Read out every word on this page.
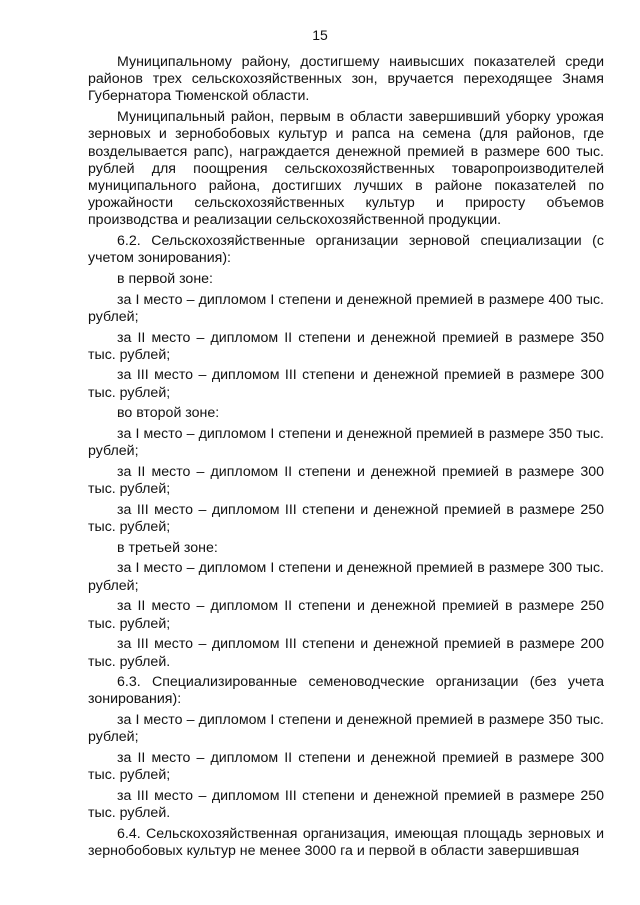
15

Муниципальному району, достигшему наивысших показателей среди районов трех сельскохозяйственных зон, вручается переходящее Знамя Губернатора Тюменской области.

Муниципальный район, первым в области завершивший уборку урожая зерновых и зернобобовых культур и рапса на семена (для районов, где возделывается рапс), награждается денежной премией в размере 600 тыс. рублей для поощрения сельскохозяйственных товаропроизводителей муниципального района, достигших лучших в районе показателей по урожайности сельскохозяйственных культур и приросту объемов производства и реализации сельскохозяйственной продукции.

6.2. Сельскохозяйственные организации зерновой специализации (с учетом зонирования):

в первой зоне:

за I место – дипломом I степени и денежной премией в размере 400 тыс. рублей;

за II место – дипломом II степени и денежной премией в размере 350 тыс. рублей;

за III место – дипломом III степени и денежной премией в размере 300 тыс. рублей;

во второй зоне:

за I место – дипломом I степени и денежной премией в размере 350 тыс. рублей;

за II место – дипломом II степени и денежной премией в размере 300 тыс. рублей;

за III место – дипломом III степени и денежной премией в размере 250 тыс. рублей;

в третьей зоне:

за I место – дипломом I степени и денежной премией в размере 300 тыс. рублей;

за II место – дипломом II степени и денежной премией в размере 250 тыс. рублей;

за III место – дипломом III степени и денежной премией в размере 200 тыс. рублей.

6.3. Специализированные семеноводческие организации (без учета зонирования):

за I место – дипломом I степени и денежной премией в размере 350 тыс. рублей;

за II место – дипломом II степени и денежной премией в размере 300 тыс. рублей;

за III место – дипломом III степени и денежной премией в размере 250 тыс. рублей.

6.4. Сельскохозяйственная организация, имеющая площадь зерновых и зернобобовых культур не менее 3000 га и первой в области завершившая
